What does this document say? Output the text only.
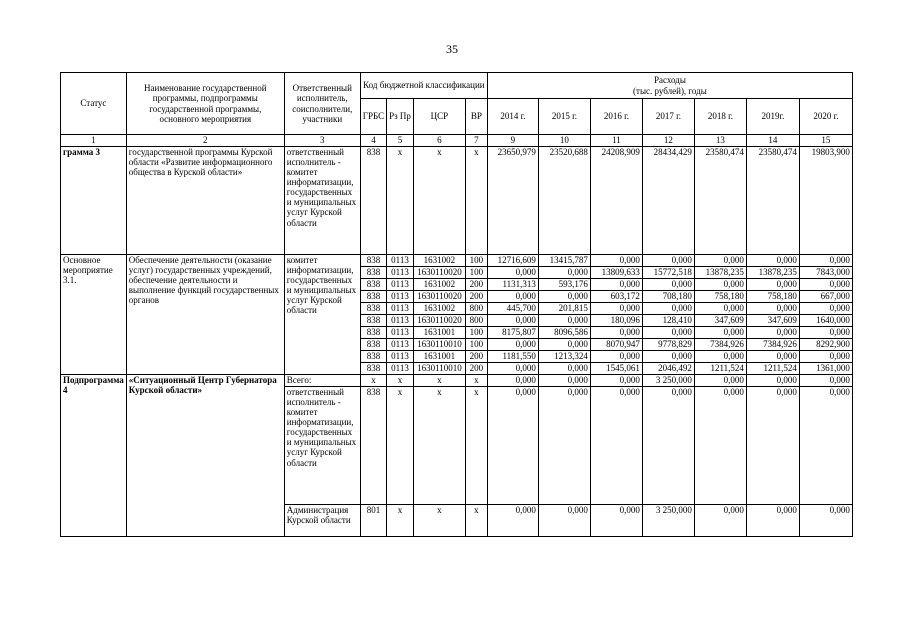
35
Статус	Наименование государственной программы, подпрограммы государственной программы, основного мероприятия	Ответственный исполнитель, соисполнители, участники	Код бюджетной классификации				Расходы
(тыс. рублей), годы						
			ГРБС	Рз Пр	ЦСР	ВР	2014 г.	2015 г.	2016 г.	2017 г.	2018 г.	2019г.	2020 г.
1	2	3	4	5	6	7	9	10	11	12	13	14	15
грамма 3	государственной программы Курской области «Развитие информационного общества в Курской области»	ответственный исполнитель - комитет информатизации, государственных и муниципальных услуг Курской области	838	x	x	x	23650,979	23520,688	24208,909	28434,429	23580,474	23580,474	19803,900
Основное мероприятие 3.1.	Обеспечение деятельности (оказание услуг) государственных учреждений, обеспечение деятельности и выполнение функций государственных органов	комитет информатизации, государственных и муниципальных услуг Курской области	838	0113	1631002	100	12716,609	13415,787	0,000	0,000	0,000	0,000	0,000
			838	0113	1630110020	100	0,000	0,000	13809,633	15772,518	13878,235	13878,235	7843,000
			838	0113	1631002	200	1131,313	593,176	0,000	0,000	0,000	0,000	0,000
			838	0113	1630110020	200	0,000	0,000	603,172	708,180	758,180	758,180	667,000
			838	0113	1631002	800	445,700	201,815	0,000	0,000	0,000	0,000	0,000
			838	0113	1630110020	800	0,000	0,000	180,096	128,410	347,609	347,609	1640,000
			838	0113	1631001	100	8175,807	8096,586	0,000	0,000	0,000	0,000	0,000
			838	0113	1630110010	100	0,000	0,000	8070,947	9778,829	7384,926	7384,926	8292,900
			838	0113	1631001	200	1181,550	1213,324	0,000	0,000	0,000	0,000	0,000
			838	0113	1630110010	200	0,000	0,000	1545,061	2046,492	1211,524	1211,524	1361,000
Подпрограмма 4	«Ситуационный Центр Губернатора Курской области»	Всего:	x	x	x	x	0,000	0,000	0,000	3 250,000	0,000	0,000	0,000
		ответственный исполнитель - комитет информатизации, государственных и муниципальных услуг Курской области	838	x	x	x	0,000	0,000	0,000	0,000	0,000	0,000	0,000
		Администрация Курской области	801	x	x	x	0,000	0,000	0,000	3 250,000	0,000	0,000	0,000
